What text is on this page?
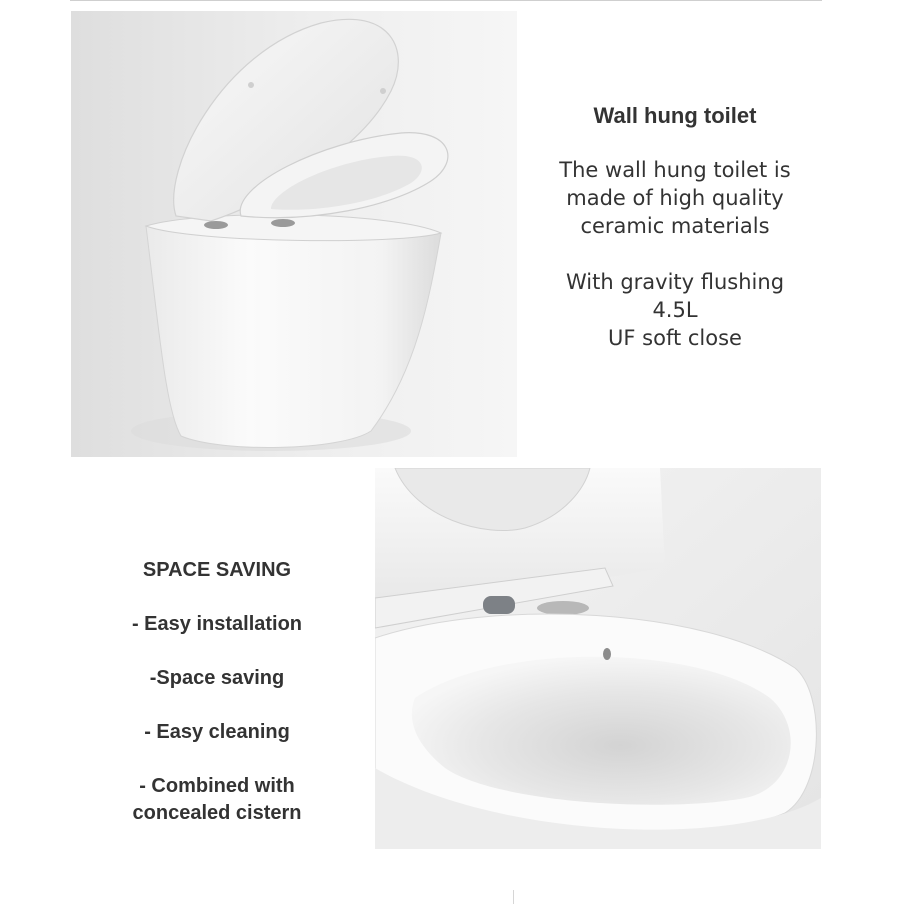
Wall hung toilet
The wall hung toilet is
made of high quality
ceramic materials
With gravity flushing
4.5L
UF soft close
SPACE SAVING
- Easy installation
-Space saving
- Easy cleaning
- Combined with
concealed cistern
